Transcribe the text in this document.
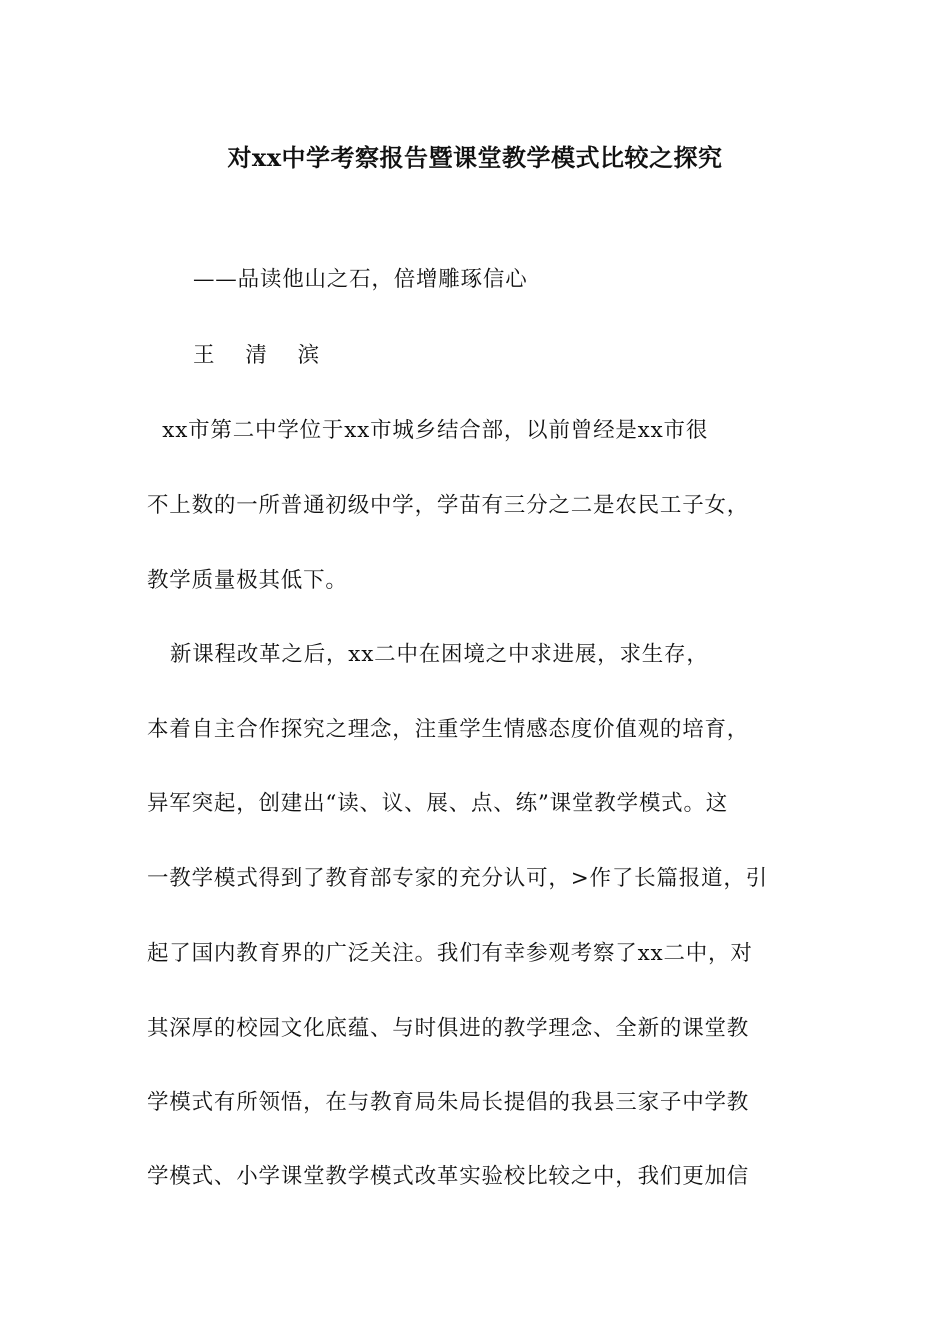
对xx中学考察报告暨课堂教学模式比较之探究
——品读他山之石，倍增雕琢信心
王 清 滨
xx市第二中学位于xx市城乡结合部，以前曾经是xx市很
不上数的一所普通初级中学，学苗有三分之二是农民工子女，
教学质量极其低下。
新课程改革之后，xx二中在困境之中求进展，求生存，
本着自主合作探究之理念，注重学生情感态度价值观的培育，
异军突起，创建出“读、议、展、点、练”课堂教学模式。这
一教学模式得到了教育部专家的充分认可，>作了长篇报道，引
起了国内教育界的广泛关注。我们有幸参观考察了xx二中，对
其深厚的校园文化底蕴、与时俱进的教学理念、全新的课堂教
学模式有所领悟，在与教育局朱局长提倡的我县三家子中学教
学模式、小学课堂教学模式改革实验校比较之中，我们更加信
